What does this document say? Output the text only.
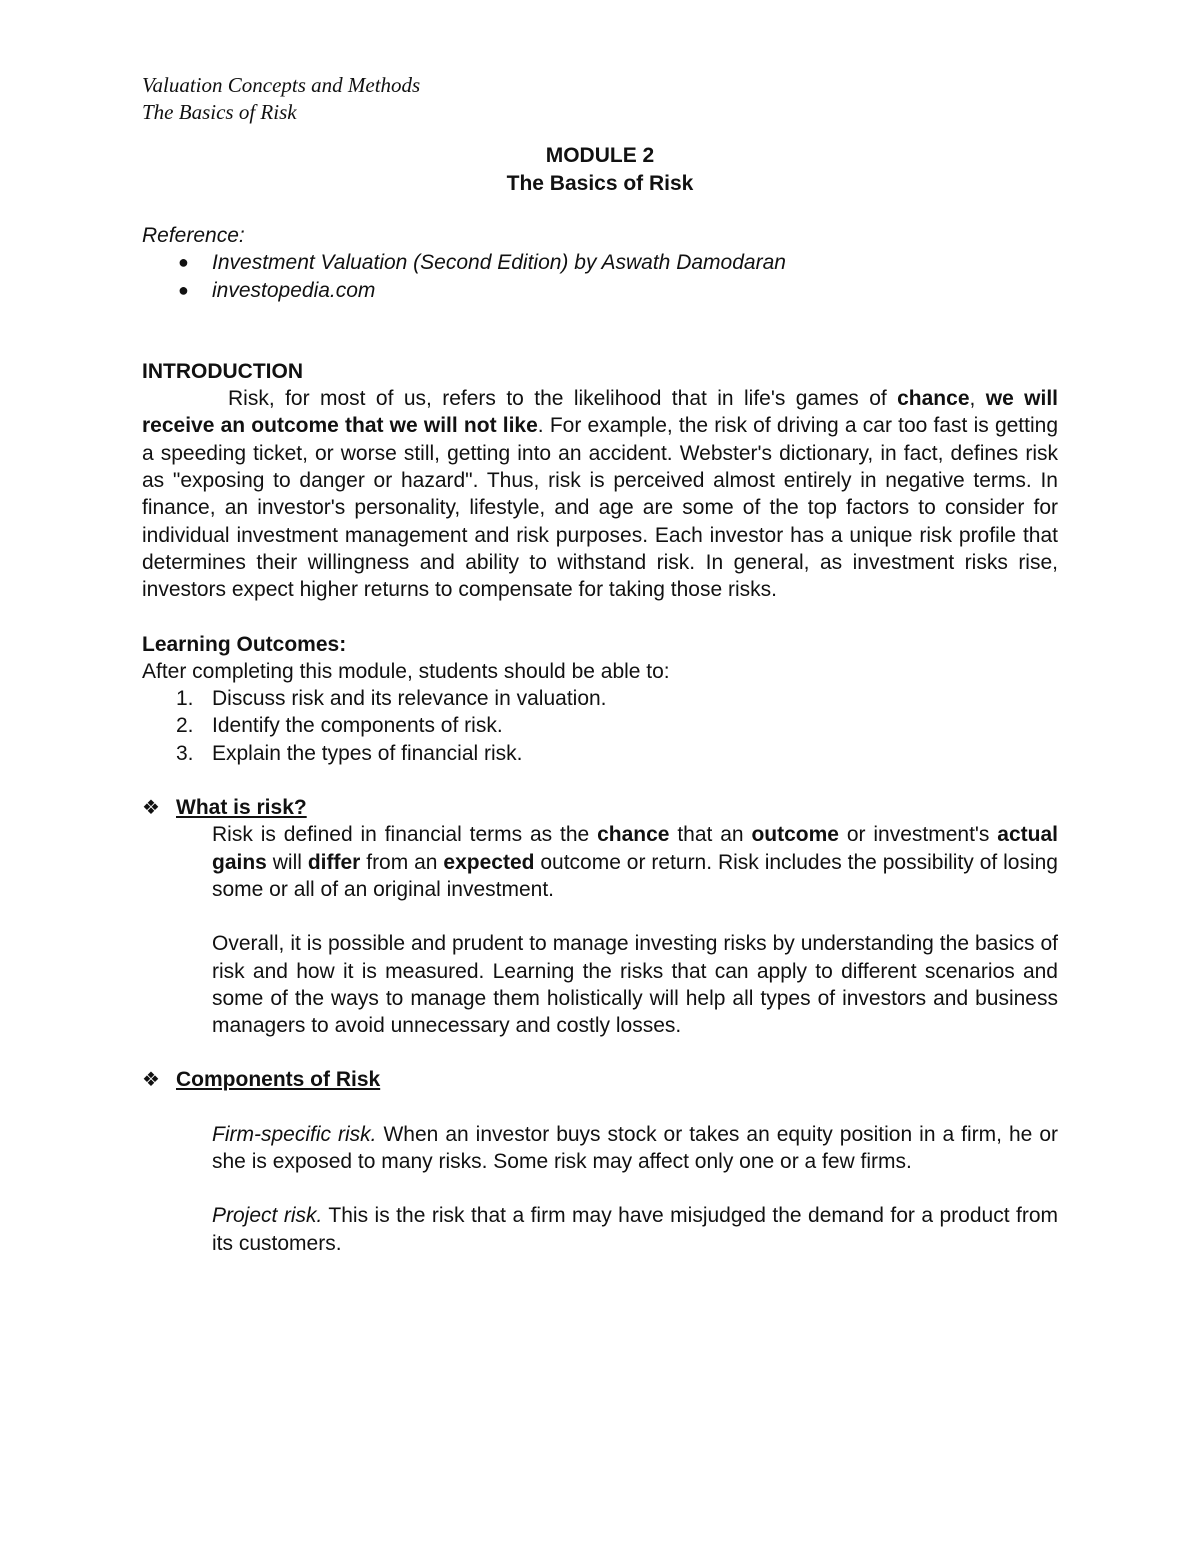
Valuation Concepts and Methods
The Basics of Risk
MODULE 2
The Basics of Risk
Reference:
● Investment Valuation (Second Edition) by Aswath Damodaran
● investopedia.com
INTRODUCTION
Risk, for most of us, refers to the likelihood that in life's games of chance, we will receive an outcome that we will not like. For example, the risk of driving a car too fast is getting a speeding ticket, or worse still, getting into an accident. Webster's dictionary, in fact, defines risk as "exposing to danger or hazard". Thus, risk is perceived almost entirely in negative terms. In finance, an investor's personality, lifestyle, and age are some of the top factors to consider for individual investment management and risk purposes. Each investor has a unique risk profile that determines their willingness and ability to withstand risk. In general, as investment risks rise, investors expect higher returns to compensate for taking those risks.
Learning Outcomes:
After completing this module, students should be able to:
1. Discuss risk and its relevance in valuation.
2. Identify the components of risk.
3. Explain the types of financial risk.
❖ What is risk?
Risk is defined in financial terms as the chance that an outcome or investment's actual gains will differ from an expected outcome or return. Risk includes the possibility of losing some or all of an original investment.
Overall, it is possible and prudent to manage investing risks by understanding the basics of risk and how it is measured. Learning the risks that can apply to different scenarios and some of the ways to manage them holistically will help all types of investors and business managers to avoid unnecessary and costly losses.
❖ Components of Risk
Firm-specific risk. When an investor buys stock or takes an equity position in a firm, he or she is exposed to many risks. Some risk may affect only one or a few firms.
Project risk. This is the risk that a firm may have misjudged the demand for a product from its customers.
